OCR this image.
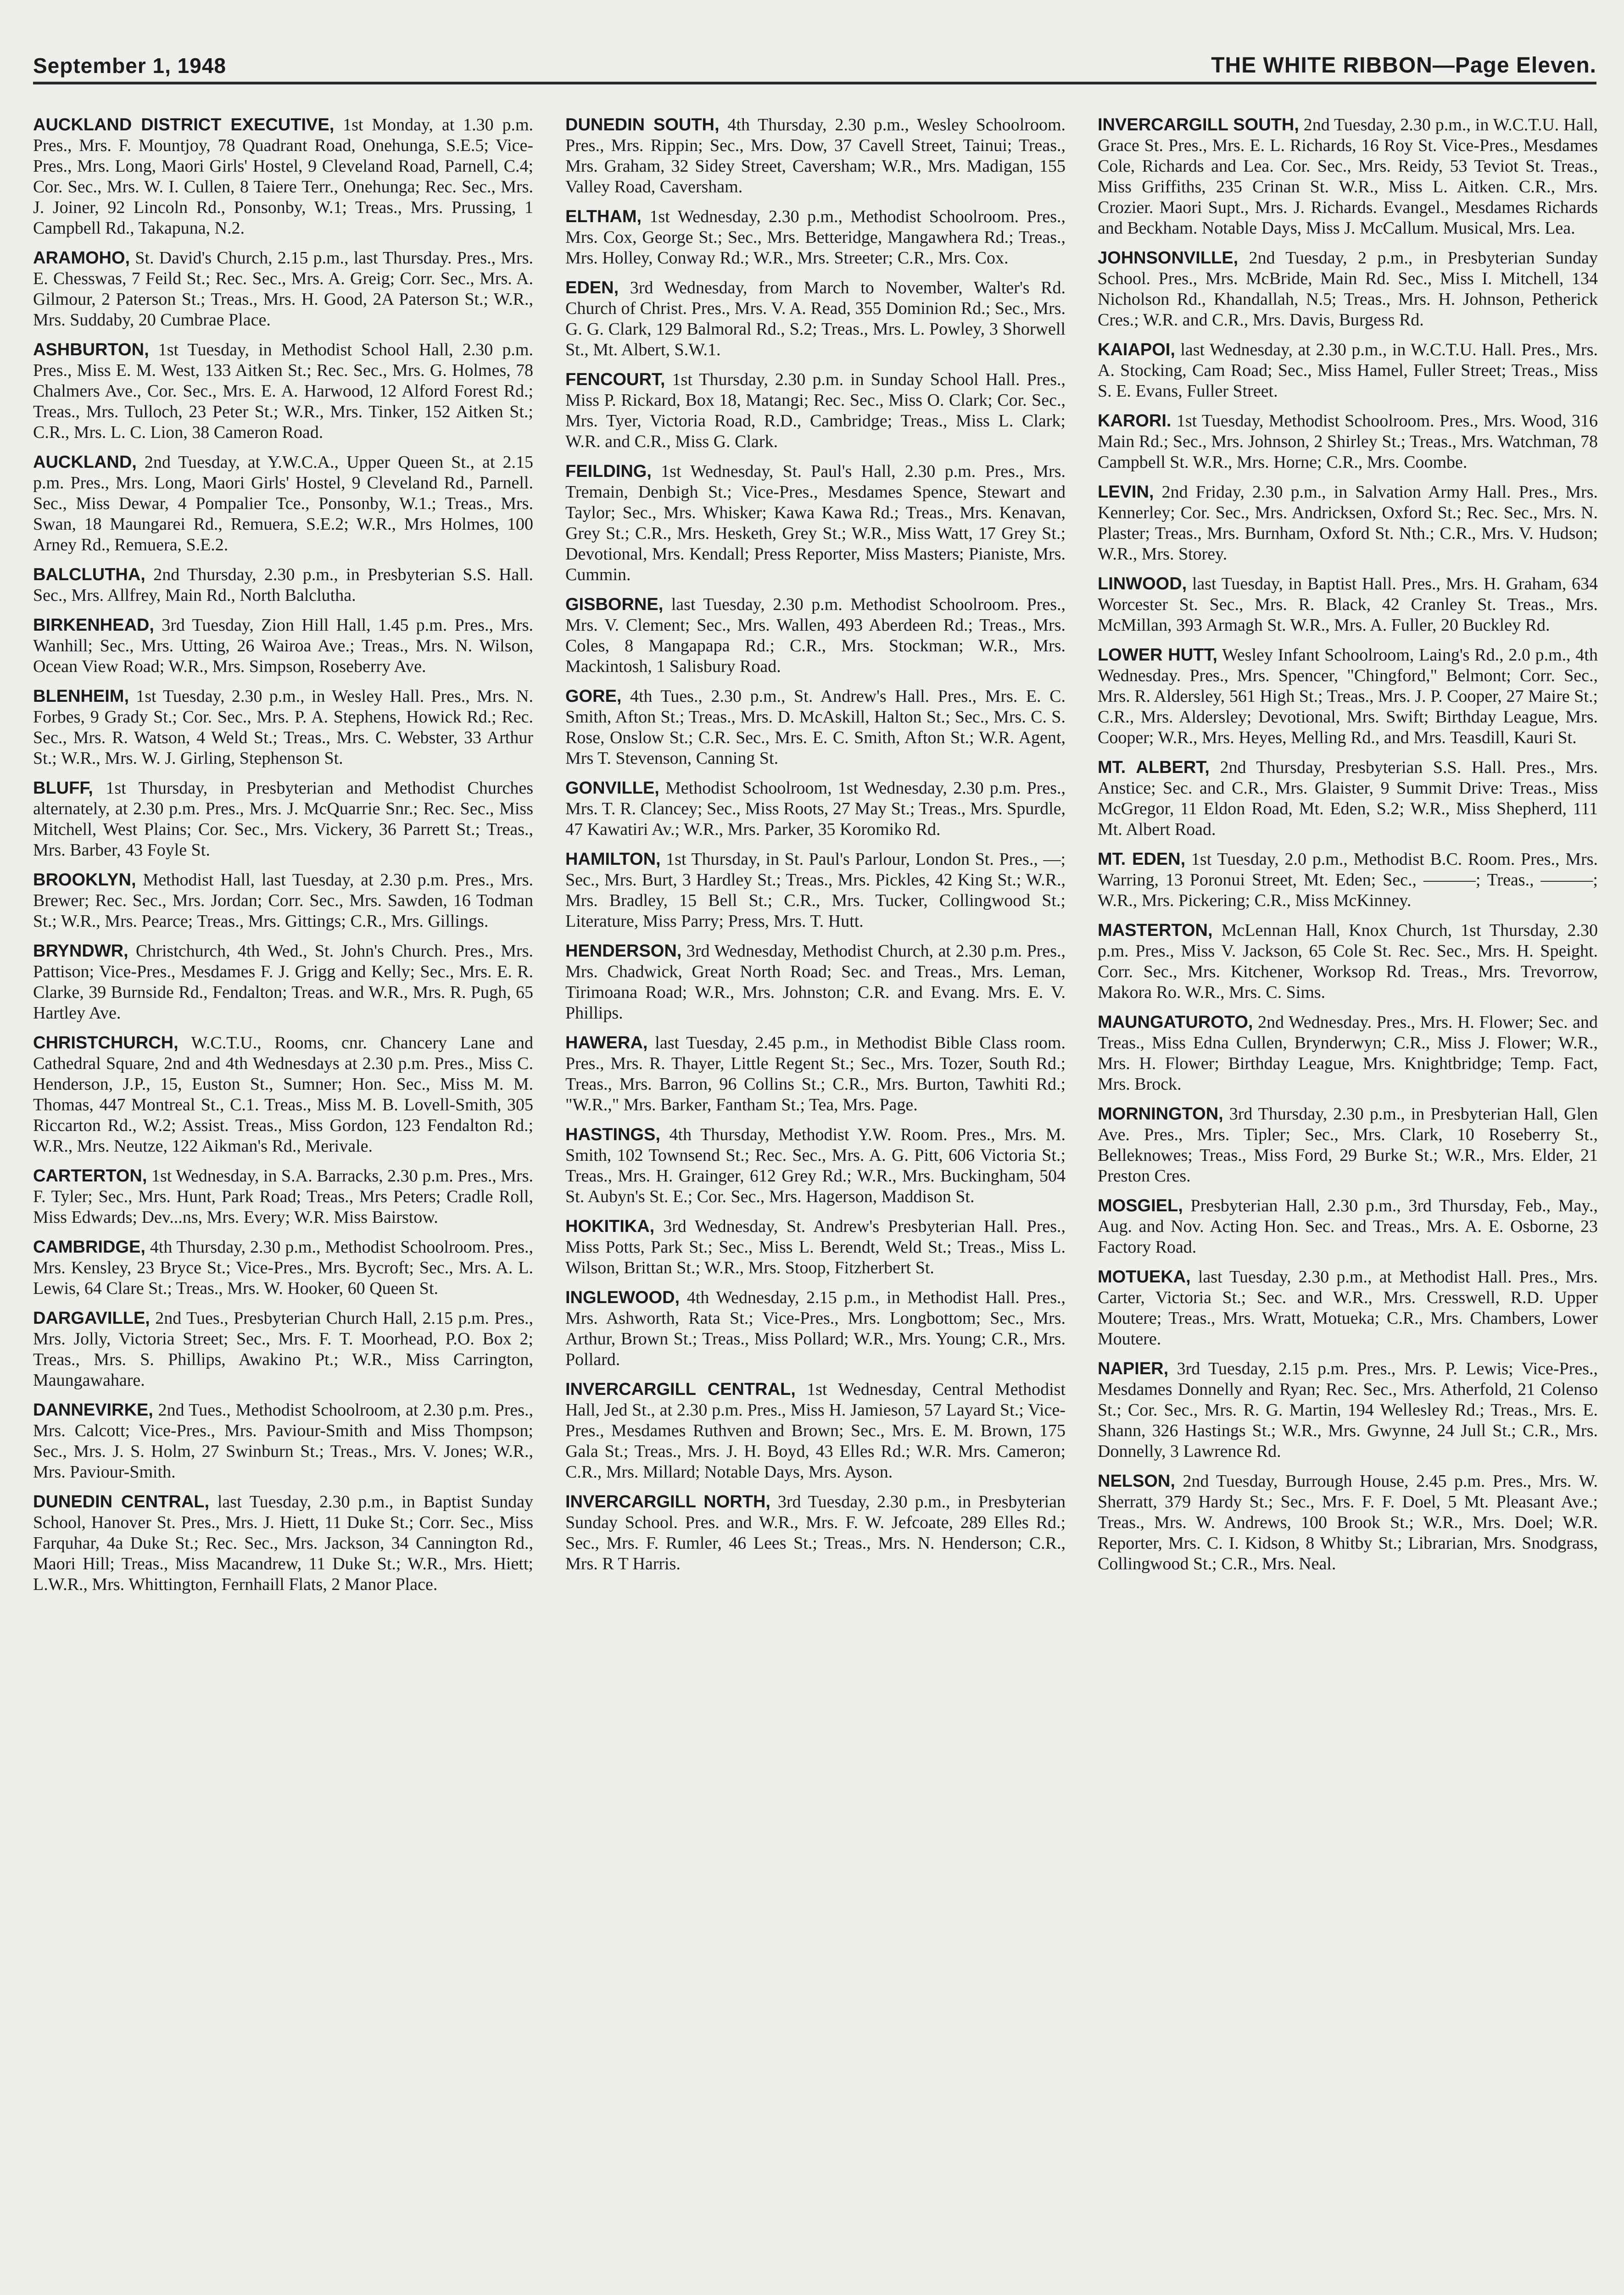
September 1, 1948	THE WHITE RIBBON—Page Eleven.

AUCKLAND DISTRICT EXECUTIVE, 1st Monday, at 1.30 p.m. Pres., Mrs. F. Mountjoy, 78 Quadrant Road, Onehunga, S.E.5; Vice-Pres., Mrs. Long, Maori Girls' Hostel, 9 Cleveland Road, Parnell, C.4; Cor. Sec., Mrs. W. I. Cullen, 8 Taiere Terr., Onehunga; Rec. Sec., Mrs. J. Joiner, 92 Lincoln Rd., Ponsonby, W.1; Treas., Mrs. Prussing, 1 Campbell Rd., Takapuna, N.2.

ARAMOHO, St. David's Church, 2.15 p.m., last Thursday. Pres., Mrs. E. Chesswas, 7 Feild St.; Rec. Sec., Mrs. A. Greig; Corr. Sec., Mrs. A. Gilmour, 2 Paterson St.; Treas., Mrs. H. Good, 2A Paterson St.; W.R., Mrs. Suddaby, 20 Cumbrae Place.

ASHBURTON, 1st Tuesday, in Methodist School Hall, 2.30 p.m. Pres., Miss E. M. West, 133 Aitken St.; Rec. Sec., Mrs. G. Holmes, 78 Chalmers Ave., Cor. Sec., Mrs. E. A. Harwood, 12 Alford Forest Rd.; Treas., Mrs. Tulloch, 23 Peter St.; W.R., Mrs. Tinker, 152 Aitken St.; C.R., Mrs. L. C. Lion, 38 Cameron Road.

AUCKLAND, 2nd Tuesday, at Y.W.C.A., Upper Queen St., at 2.15 p.m. Pres., Mrs. Long, Maori Girls' Hostel, 9 Cleveland Rd., Parnell. Sec., Miss Dewar, 4 Pompalier Tce., Ponsonby, W.1.; Treas., Mrs. Swan, 18 Maungarei Rd., Remuera, S.E.2; W.R., Mrs Holmes, 100 Arney Rd., Remuera, S.E.2.

BALCLUTHA, 2nd Thursday, 2.30 p.m., in Presbyterian S.S. Hall. Sec., Mrs. Allfrey, Main Rd., North Balclutha.

BIRKENHEAD, 3rd Tuesday, Zion Hill Hall, 1.45 p.m. Pres., Mrs. Wanhill; Sec., Mrs. Utting, 26 Wairoa Ave.; Treas., Mrs. N. Wilson, Ocean View Road; W.R., Mrs. Simpson, Roseberry Ave.

BLENHEIM, 1st Tuesday, 2.30 p.m., in Wesley Hall. Pres., Mrs. N. Forbes, 9 Grady St.; Cor. Sec., Mrs. P. A. Stephens, Howick Rd.; Rec. Sec., Mrs. R. Watson, 4 Weld St.; Treas., Mrs. C. Webster, 33 Arthur St.; W.R., Mrs. W. J. Girling, Stephenson St.

BLUFF, 1st Thursday, in Presbyterian and Methodist Churches alternately, at 2.30 p.m. Pres., Mrs. J. McQuarrie Snr.; Rec. Sec., Miss Mitchell, West Plains; Cor. Sec., Mrs. Vickery, 36 Parrett St.; Treas., Mrs. Barber, 43 Foyle St.

BROOKLYN, Methodist Hall, last Tuesday, at 2.30 p.m. Pres., Mrs. Brewer; Rec. Sec., Mrs. Jordan; Corr. Sec., Mrs. Sawden, 16 Todman St.; W.R., Mrs. Pearce; Treas., Mrs. Gittings; C.R., Mrs. Gillings.

BRYNDWR, Christchurch, 4th Wed., St. John's Church. Pres., Mrs. Pattison; Vice-Pres., Mesdames F. J. Grigg and Kelly; Sec., Mrs. E. R. Clarke, 39 Burnside Rd., Fendalton; Treas. and W.R., Mrs. R. Pugh, 65 Hartley Ave.

CHRISTCHURCH, W.C.T.U., Rooms, cnr. Chancery Lane and Cathedral Square, 2nd and 4th Wednesdays at 2.30 p.m. Pres., Miss C. Henderson, J.P., 15, Euston St., Sumner; Hon. Sec., Miss M. M. Thomas, 447 Montreal St., C.1. Treas., Miss M. B. Lovell-Smith, 305 Riccarton Rd., W.2; Assist. Treas., Miss Gordon, 123 Fendalton Rd.; W.R., Mrs. Neutze, 122 Aikman's Rd., Merivale.

CARTERTON, 1st Wednesday, in S.A. Barracks, 2.30 p.m. Pres., Mrs. F. Tyler; Sec., Mrs. Hunt, Park Road; Treas., Mrs Peters; Cradle Roll, Miss Edwards; Dev...ns, Mrs. Every; W.R. Miss Bairstow.

CAMBRIDGE, 4th Thursday, 2.30 p.m., Methodist Schoolroom. Pres., Mrs. Kensley, 23 Bryce St.; Vice-Pres., Mrs. Bycroft; Sec., Mrs. A. L. Lewis, 64 Clare St.; Treas., Mrs. W. Hooker, 60 Queen St.

DARGAVILLE, 2nd Tues., Presbyterian Church Hall, 2.15 p.m. Pres., Mrs. Jolly, Victoria Street; Sec., Mrs. F. T. Moorhead, P.O. Box 2; Treas., Mrs. S. Phillips, Awakino Pt.; W.R., Miss Carrington, Maungawahare.

DANNEVIRKE, 2nd Tues., Methodist Schoolroom, at 2.30 p.m. Pres., Mrs. Calcott; Vice-Pres., Mrs. Paviour-Smith and Miss Thompson; Sec., Mrs. J. S. Holm, 27 Swinburn St.; Treas., Mrs. V. Jones; W.R., Mrs. Paviour-Smith.

DUNEDIN CENTRAL, last Tuesday, 2.30 p.m., in Baptist Sunday School, Hanover St. Pres., Mrs. J. Hiett, 11 Duke St.; Corr. Sec., Miss Farquhar, 4a Duke St.; Rec. Sec., Mrs. Jackson, 34 Cannington Rd., Maori Hill; Treas., Miss Macandrew, 11 Duke St.; W.R., Mrs. Hiett; L.W.R., Mrs. Whittington, Fernhaill Flats, 2 Manor Place.

DUNEDIN SOUTH, 4th Thursday, 2.30 p.m., Wesley Schoolroom. Pres., Mrs. Rippin; Sec., Mrs. Dow, 37 Cavell Street, Tainui; Treas., Mrs. Graham, 32 Sidey Street, Caversham; W.R., Mrs. Madigan, 155 Valley Road, Caversham.

ELTHAM, 1st Wednesday, 2.30 p.m., Methodist Schoolroom. Pres., Mrs. Cox, George St.; Sec., Mrs. Betteridge, Mangawhera Rd.; Treas., Mrs. Holley, Conway Rd.; W.R., Mrs. Streeter; C.R., Mrs. Cox.

EDEN, 3rd Wednesday, from March to November, Walter's Rd. Church of Christ. Pres., Mrs. V. A. Read, 355 Dominion Rd.; Sec., Mrs. G. G. Clark, 129 Balmoral Rd., S.2; Treas., Mrs. L. Powley, 3 Shorwell St., Mt. Albert, S.W.1.

FENCOURT, 1st Thursday, 2.30 p.m. in Sunday School Hall. Pres., Miss P. Rickard, Box 18, Matangi; Rec. Sec., Miss O. Clark; Cor. Sec., Mrs. Tyer, Victoria Road, R.D., Cambridge; Treas., Miss L. Clark; W.R. and C.R., Miss G. Clark.

FEILDING, 1st Wednesday, St. Paul's Hall, 2.30 p.m. Pres., Mrs. Tremain, Denbigh St.; Vice-Pres., Mesdames Spence, Stewart and Taylor; Sec., Mrs. Whisker; Kawa Kawa Rd.; Treas., Mrs. Kenavan, Grey St.; C.R., Mrs. Hesketh, Grey St.; W.R., Miss Watt, 17 Grey St.; Devotional, Mrs. Kendall; Press Reporter, Miss Masters; Pianiste, Mrs. Cummin.

GISBORNE, last Tuesday, 2.30 p.m. Methodist Schoolroom. Pres., Mrs. V. Clement; Sec., Mrs. Wallen, 493 Aberdeen Rd.; Treas., Mrs. Coles, 8 Mangapapa Rd.; C.R., Mrs. Stockman; W.R., Mrs. Mackintosh, 1 Salisbury Road.

GORE, 4th Tues., 2.30 p.m., St. Andrew's Hall. Pres., Mrs. E. C. Smith, Afton St.; Treas., Mrs. D. McAskill, Halton St.; Sec., Mrs. C. S. Rose, Onslow St.; C.R. Sec., Mrs. E. C. Smith, Afton St.; W.R. Agent, Mrs T. Stevenson, Canning St.

GONVILLE, Methodist Schoolroom, 1st Wednesday, 2.30 p.m. Pres., Mrs. T. R. Clancey; Sec., Miss Roots, 27 May St.; Treas., Mrs. Spurdle, 47 Kawatiri Av.; W.R., Mrs. Parker, 35 Koromiko Rd.

HAMILTON, 1st Thursday, in St. Paul's Parlour, London St. Pres., —; Sec., Mrs. Burt, 3 Hardley St.; Treas., Mrs. Pickles, 42 King St.; W.R., Mrs. Bradley, 15 Bell St.; C.R., Mrs. Tucker, Collingwood St.; Literature, Miss Parry; Press, Mrs. T. Hutt.

HENDERSON, 3rd Wednesday, Methodist Church, at 2.30 p.m. Pres., Mrs. Chadwick, Great North Road; Sec. and Treas., Mrs. Leman, Tirimoana Road; W.R., Mrs. Johnston; C.R. and Evang. Mrs. E. V. Phillips.

HAWERA, last Tuesday, 2.45 p.m., in Methodist Bible Class room. Pres., Mrs. R. Thayer, Little Regent St.; Sec., Mrs. Tozer, South Rd.; Treas., Mrs. Barron, 96 Collins St.; C.R., Mrs. Burton, Tawhiti Rd.; "W.R.," Mrs. Barker, Fantham St.; Tea, Mrs. Page.

HASTINGS, 4th Thursday, Methodist Y.W. Room. Pres., Mrs. M. Smith, 102 Townsend St.; Rec. Sec., Mrs. A. G. Pitt, 606 Victoria St.; Treas., Mrs. H. Grainger, 612 Grey Rd.; W.R., Mrs. Buckingham, 504 St. Aubyn's St. E.; Cor. Sec., Mrs. Hagerson, Maddison St.

HOKITIKA, 3rd Wednesday, St. Andrew's Presbyterian Hall. Pres., Miss Potts, Park St.; Sec., Miss L. Berendt, Weld St.; Treas., Miss L. Wilson, Brittan St.; W.R., Mrs. Stoop, Fitzherbert St.

INGLEWOOD, 4th Wednesday, 2.15 p.m., in Methodist Hall. Pres., Mrs. Ashworth, Rata St.; Vice-Pres., Mrs. Longbottom; Sec., Mrs. Arthur, Brown St.; Treas., Miss Pollard; W.R., Mrs. Young; C.R., Mrs. Pollard.

INVERCARGILL CENTRAL, 1st Wednesday, Central Methodist Hall, Jed St., at 2.30 p.m. Pres., Miss H. Jamieson, 57 Layard St.; Vice-Pres., Mesdames Ruthven and Brown; Sec., Mrs. E. M. Brown, 175 Gala St.; Treas., Mrs. J. H. Boyd, 43 Elles Rd.; W.R. Mrs. Cameron; C.R., Mrs. Millard; Notable Days, Mrs. Ayson.

INVERCARGILL NORTH, 3rd Tuesday, 2.30 p.m., in Presbyterian Sunday School. Pres. and W.R., Mrs. F. W. Jefcoate, 289 Elles Rd.; Sec., Mrs. F. Rumler, 46 Lees St.; Treas., Mrs. N. Henderson; C.R., Mrs. R T Harris.

INVERCARGILL SOUTH, 2nd Tuesday, 2.30 p.m., in W.C.T.U. Hall, Grace St. Pres., Mrs. E. L. Richards, 16 Roy St. Vice-Pres., Mesdames Cole, Richards and Lea. Cor. Sec., Mrs. Reidy, 53 Teviot St. Treas., Miss Griffiths, 235 Crinan St. W.R., Miss L. Aitken. C.R., Mrs. Crozier. Maori Supt., Mrs. J. Richards. Evangel., Mesdames Richards and Beckham. Notable Days, Miss J. McCallum. Musical, Mrs. Lea.

JOHNSONVILLE, 2nd Tuesday, 2 p.m., in Presbyterian Sunday School. Pres., Mrs. McBride, Main Rd. Sec., Miss I. Mitchell, 134 Nicholson Rd., Khandallah, N.5; Treas., Mrs. H. Johnson, Petherick Cres.; W.R. and C.R., Mrs. Davis, Burgess Rd.

KAIAPOI, last Wednesday, at 2.30 p.m., in W.C.T.U. Hall. Pres., Mrs. A. Stocking, Cam Road; Sec., Miss Hamel, Fuller Street; Treas., Miss S. E. Evans, Fuller Street.

KARORI. 1st Tuesday, Methodist Schoolroom. Pres., Mrs. Wood, 316 Main Rd.; Sec., Mrs. Johnson, 2 Shirley St.; Treas., Mrs. Watchman, 78 Campbell St. W.R., Mrs. Horne; C.R., Mrs. Coombe.

LEVIN, 2nd Friday, 2.30 p.m., in Salvation Army Hall. Pres., Mrs. Kennerley; Cor. Sec., Mrs. Andricksen, Oxford St.; Rec. Sec., Mrs. N. Plaster; Treas., Mrs. Burnham, Oxford St. Nth.; C.R., Mrs. V. Hudson; W.R., Mrs. Storey.

LINWOOD, last Tuesday, in Baptist Hall. Pres., Mrs. H. Graham, 634 Worcester St. Sec., Mrs. R. Black, 42 Cranley St. Treas., Mrs. McMillan, 393 Armagh St. W.R., Mrs. A. Fuller, 20 Buckley Rd.

LOWER HUTT, Wesley Infant Schoolroom, Laing's Rd., 2.0 p.m., 4th Wednesday. Pres., Mrs. Spencer, "Chingford," Belmont; Corr. Sec., Mrs. R. Aldersley, 561 High St.; Treas., Mrs. J. P. Cooper, 27 Maire St.; C.R., Mrs. Aldersley; Devotional, Mrs. Swift; Birthday League, Mrs. Cooper; W.R., Mrs. Heyes, Melling Rd., and Mrs. Teasdill, Kauri St.

MT. ALBERT, 2nd Thursday, Presbyterian S.S. Hall. Pres., Mrs. Anstice; Sec. and C.R., Mrs. Glaister, 9 Summit Drive: Treas., Miss McGregor, 11 Eldon Road, Mt. Eden, S.2; W.R., Miss Shepherd, 111 Mt. Albert Road.

MT. EDEN, 1st Tuesday, 2.0 p.m., Methodist B.C. Room. Pres., Mrs. Warring, 13 Poronui Street, Mt. Eden; Sec., ———; Treas., ———; W.R., Mrs. Pickering; C.R., Miss McKinney.

MASTERTON, McLennan Hall, Knox Church, 1st Thursday, 2.30 p.m. Pres., Miss V. Jackson, 65 Cole St. Rec. Sec., Mrs. H. Speight. Corr. Sec., Mrs. Kitchener, Worksop Rd. Treas., Mrs. Trevorrow, Makora Ro. W.R., Mrs. C. Sims.

MAUNGATUROTO, 2nd Wednesday. Pres., Mrs. H. Flower; Sec. and Treas., Miss Edna Cullen, Brynderwyn; C.R., Miss J. Flower; W.R., Mrs. H. Flower; Birthday League, Mrs. Knightbridge; Temp. Fact, Mrs. Brock.

MORNINGTON, 3rd Thursday, 2.30 p.m., in Presbyterian Hall, Glen Ave. Pres., Mrs. Tipler; Sec., Mrs. Clark, 10 Roseberry St., Belleknowes; Treas., Miss Ford, 29 Burke St.; W.R., Mrs. Elder, 21 Preston Cres.

MOSGIEL, Presbyterian Hall, 2.30 p.m., 3rd Thursday, Feb., May., Aug. and Nov. Acting Hon. Sec. and Treas., Mrs. A. E. Osborne, 23 Factory Road.

MOTUEKA, last Tuesday, 2.30 p.m., at Methodist Hall. Pres., Mrs. Carter, Victoria St.; Sec. and W.R., Mrs. Cresswell, R.D. Upper Moutere; Treas., Mrs. Wratt, Motueka; C.R., Mrs. Chambers, Lower Moutere.

NAPIER, 3rd Tuesday, 2.15 p.m. Pres., Mrs. P. Lewis; Vice-Pres., Mesdames Donnelly and Ryan; Rec. Sec., Mrs. Atherfold, 21 Colenso St.; Cor. Sec., Mrs. R. G. Martin, 194 Wellesley Rd.; Treas., Mrs. E. Shann, 326 Hastings St.; W.R., Mrs. Gwynne, 24 Jull St.; C.R., Mrs. Donnelly, 3 Lawrence Rd.

NELSON, 2nd Tuesday, Burrough House, 2.45 p.m. Pres., Mrs. W. Sherratt, 379 Hardy St.; Sec., Mrs. F. F. Doel, 5 Mt. Pleasant Ave.; Treas., Mrs. W. Andrews, 100 Brook St.; W.R., Mrs. Doel; W.R. Reporter, Mrs. C. I. Kidson, 8 Whitby St.; Librarian, Mrs. Snodgrass, Collingwood St.; C.R., Mrs. Neal.
